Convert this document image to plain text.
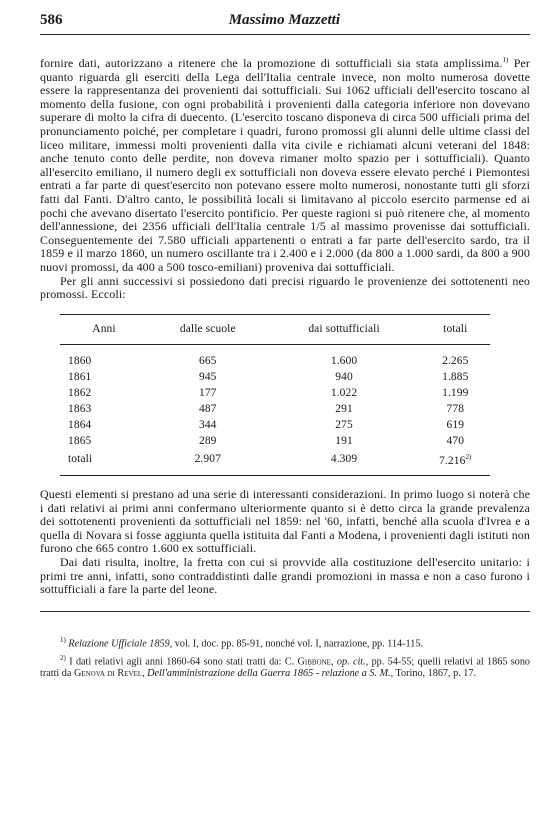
586	Massimo Mazzetti

fornire dati, autorizzano a ritenere che la promozione di sottufficiali sia stata amplissima.$^{1)}$ Per quanto riguarda gli eserciti della Lega dell'Italia centrale invece, non molto numerosa dovette essere la rappresentanza dei provenienti dai sottufficiali. Sui 1062 ufficiali dell'esercito toscano al momento della fusione, con ogni probabilità i provenienti dalla categoria inferiore non dovevano superare di molto la cifra di duecento. (L'esercito toscano disponeva di circa 500 ufficiali prima del pronunciamento poiché, per completare i quadri, furono promossi gli alunni delle ultime classi del liceo militare, immessi molti provenienti dalla vita civile e richiamati alcuni veterani del 1848: anche tenuto conto delle perdite, non doveva rimaner molto spazio per i sottufficiali). Quanto all'esercito emiliano, il numero degli ex sottufficiali non doveva essere elevato perché i Piemontesi entrati a far parte di quest'esercito non potevano essere molto numerosi, nonostante tutti gli sforzi fatti dal Fanti. D'altro canto, le possibilità locali si limitavano al piccolo esercito parmense ed ai pochi che avevano disertato l'esercito pontificio. Per queste ragioni si può ritenere che, al momento dell'annessione, dei 2356 ufficiali dell'Italia centrale 1/5 al massimo provenisse dai sottufficiali. Conseguentemente dei 7.580 ufficiali appartenenti o entrati a far parte dell'esercito sardo, tra il 1859 e il marzo 1860, un numero oscillante tra i 2.400 e i 2.000 (da 800 a 1.000 sardi, da 800 a 900 nuovi promossi, da 400 a 500 tosco-emiliani) proveniva dai sottufficiali.

Per gli anni successivi si possiedono dati precisi riguardo le provenienze dei sottotenenti neo promossi. Eccoli:

Anni	dalle scuole	dai sottufficiali	totali
1860	665	1.600	2.265
1861	945	940	1.885
1862	177	1.022	1.199
1863	487	291	778
1864	344	275	619
1865	289	191	470
totali	2.907	4.309	7.216$^{2)}$

Questi elementi si prestano ad una serie di interessanti considerazioni. In primo luogo si noterà che i dati relativi ai primi anni confermano ulteriormente quanto si è detto circa la grande prevalenza dei sottotenenti provenienti da sottufficiali nel 1859: nel '60, infatti, benché alla scuola d'Ivrea e a quella di Novara si fosse aggiunta quella istituita dal Fanti a Modena, i provenienti dagli istituti non furono che 665 contro 1.600 ex sottufficiali.

Dai dati risulta, inoltre, la fretta con cui si provvide alla costituzione dell'esercito unitario: i primi tre anni, infatti, sono contraddistinti dalle grandi promozioni in massa e non a caso furono i sottufficiali a fare la parte del leone.

$^{1)}$ Relazione Ufficiale 1859, vol. I, doc. pp. 85-91, nonché vol. I, narrazione, pp. 114-115.

$^{2)}$ I dati relativi agli anni 1860-64 sono stati tratti da: C. Gibbone, op. cit., pp. 54-55; quelli relativi al 1865 sono tratti da Genova di Revel, Dell'amministrazione della Guerra 1865 - relazione a S. M., Torino, 1867, p. 17.
